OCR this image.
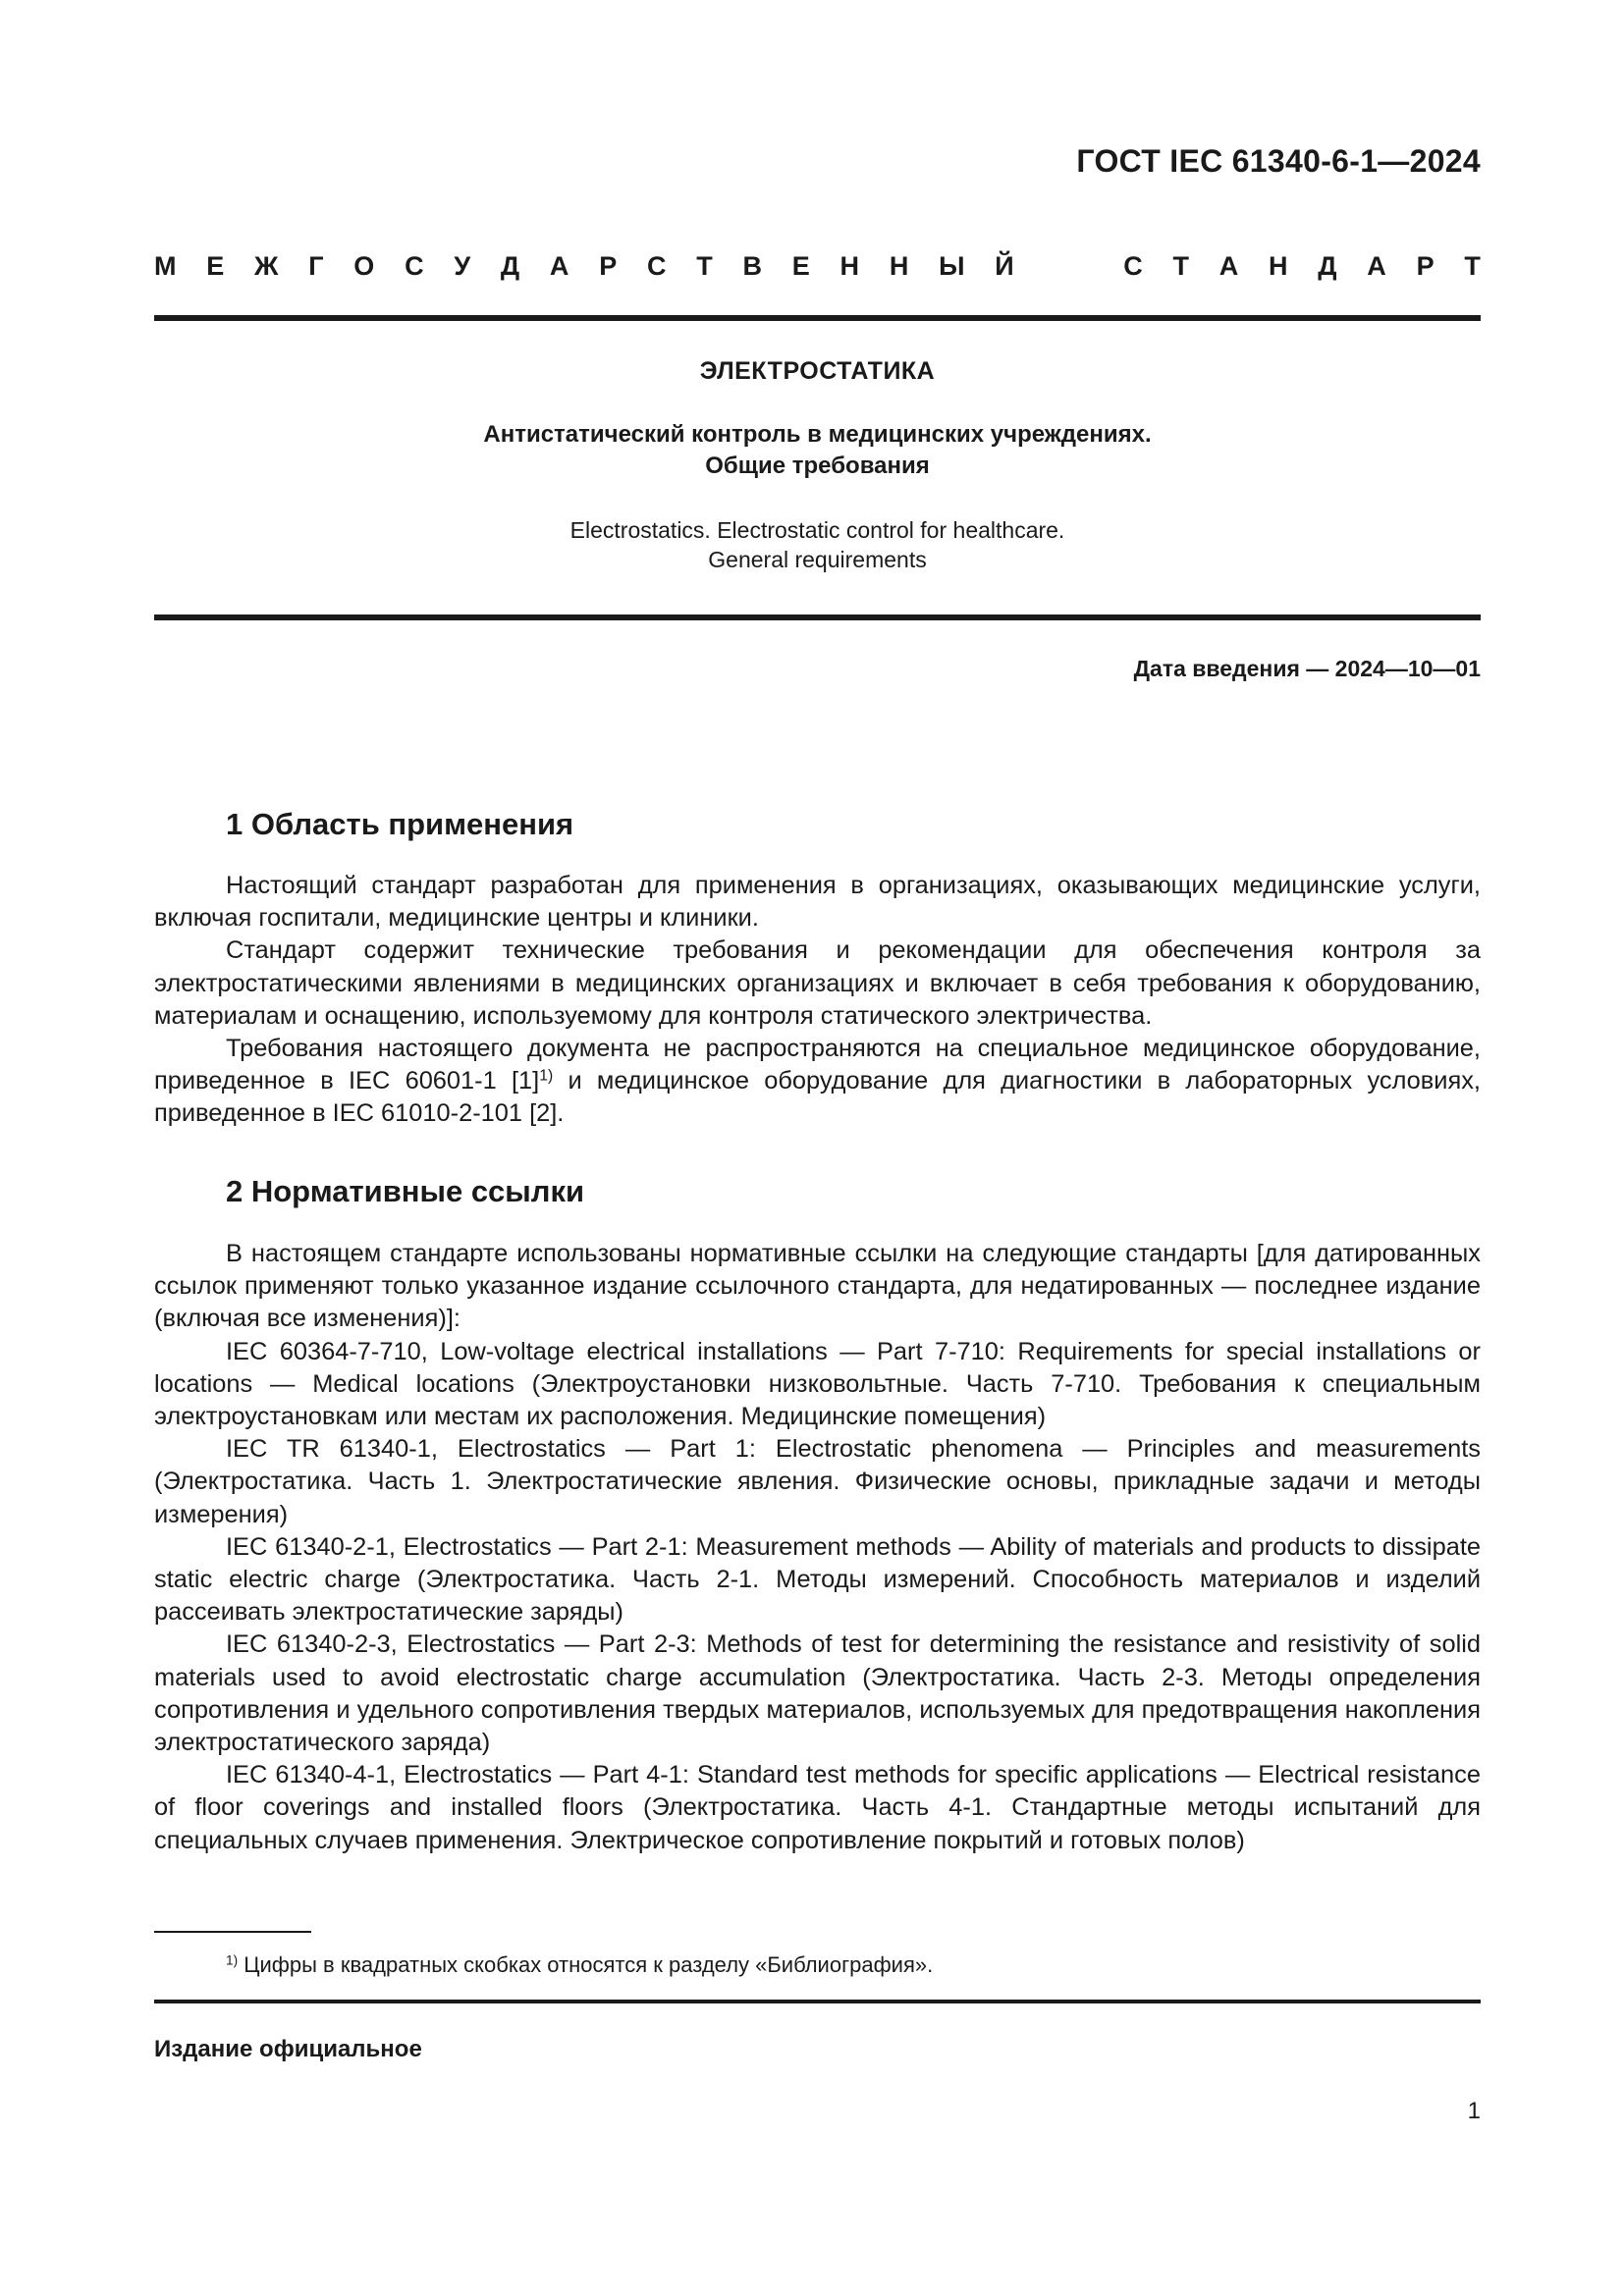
ГОСТ IEC 61340-6-1—2024
М Е Ж Г О С У Д А Р С Т В Е Н Н Ы Й	С Т А Н Д А Р Т
ЭЛЕКТРОСТАТИКА
Антистатический контроль в медицинских учреждениях.
Общие требования
Electrostatics. Electrostatic control for healthcare.
General requirements
Дата введения — 2024—10—01
1 Область применения

Настоящий стандарт разработан для применения в организациях, оказывающих медицинские услуги, включая госпитали, медицинские центры и клиники.

Стандарт содержит технические требования и рекомендации для обеспечения контроля за электростатическими явлениями в медицинских организациях и включает в себя требования к оборудованию, материалам и оснащению, используемому для контроля статического электричества.

Требования настоящего документа не распространяются на специальное медицинское оборудование, приведенное в IEC 60601-1 $[1]^{1)}$ и медицинское оборудование для диагностики в лабораторных условиях, приведенное в IEC 61010-2-101 [2].

2 Нормативные ссылки

В настоящем стандарте использованы нормативные ссылки на следующие стандарты [для датированных ссылок применяют только указанное издание ссылочного стандарта, для недатированных — последнее издание (включая все изменения)]:

IEC 60364-7-710, Low-voltage electrical installations — Part 7-710: Requirements for special installations or locations — Medical locations (Электроустановки низковольтные. Часть 7-710. Требования к специальным электроустановкам или местам их расположения. Медицинские помещения)

IEC TR 61340-1, Electrostatics — Part 1: Electrostatic phenomena — Principles and measurements (Электростатика. Часть 1. Электростатические явления. Физические основы, прикладные задачи и методы измерения)

IEC 61340-2-1, Electrostatics — Part 2-1: Measurement methods — Ability of materials and products to dissipate static electric charge (Электростатика. Часть 2-1. Методы измерений. Способность материалов и изделий рассеивать электростатические заряды)

IEC 61340-2-3, Electrostatics — Part 2-3: Methods of test for determining the resistance and resistivity of solid materials used to avoid electrostatic charge accumulation (Электростатика. Часть 2-3. Методы определения сопротивления и удельного сопротивления твердых материалов, используемых для предотвращения накопления электростатического заряда)

IEC 61340-4-1, Electrostatics — Part 4-1: Standard test methods for specific applications — Electrical resistance of floor coverings and installed floors (Электростатика. Часть 4-1. Стандартные методы испытаний для специальных случаев применения. Электрическое сопротивление покрытий и готовых полов)

$^{1)}$ Цифры в квадратных скобках относятся к разделу «Библиография».
Издание официальное
1
